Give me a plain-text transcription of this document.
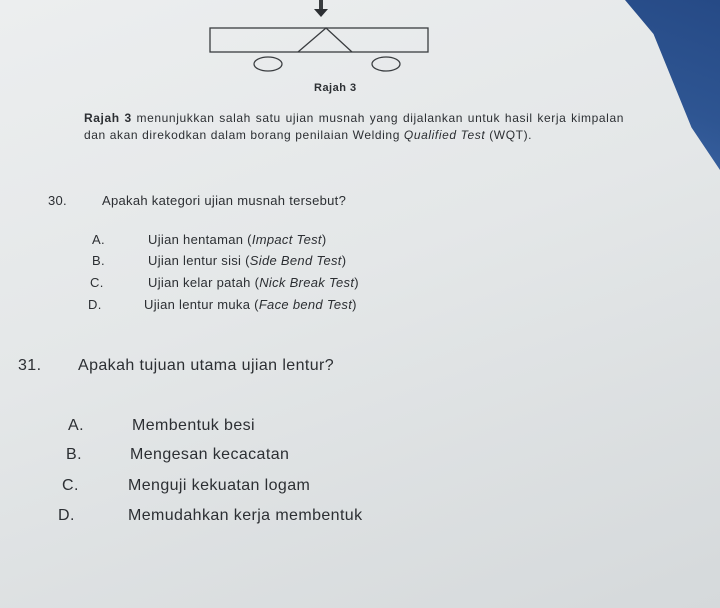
Rajah 3
Rajah 3 menunjukkan salah satu ujian musnah yang dijalankan untuk hasil kerja kimpalan dan akan direkodkan dalam borang penilaian Welding Qualified Test (WQT).
30.	Apakah kategori ujian musnah tersebut?
A.	Ujian hentaman (Impact Test)
B.	Ujian lentur sisi (Side Bend Test)
C.	Ujian kelar patah (Nick Break Test)
D.	Ujian lentur muka (Face bend Test)
31. Apakah tujuan utama ujian lentur?
A.	Membentuk besi
B.	Mengesan kecacatan
C.	Menguji kekuatan logam
D.	Memudahkan kerja membentuk
